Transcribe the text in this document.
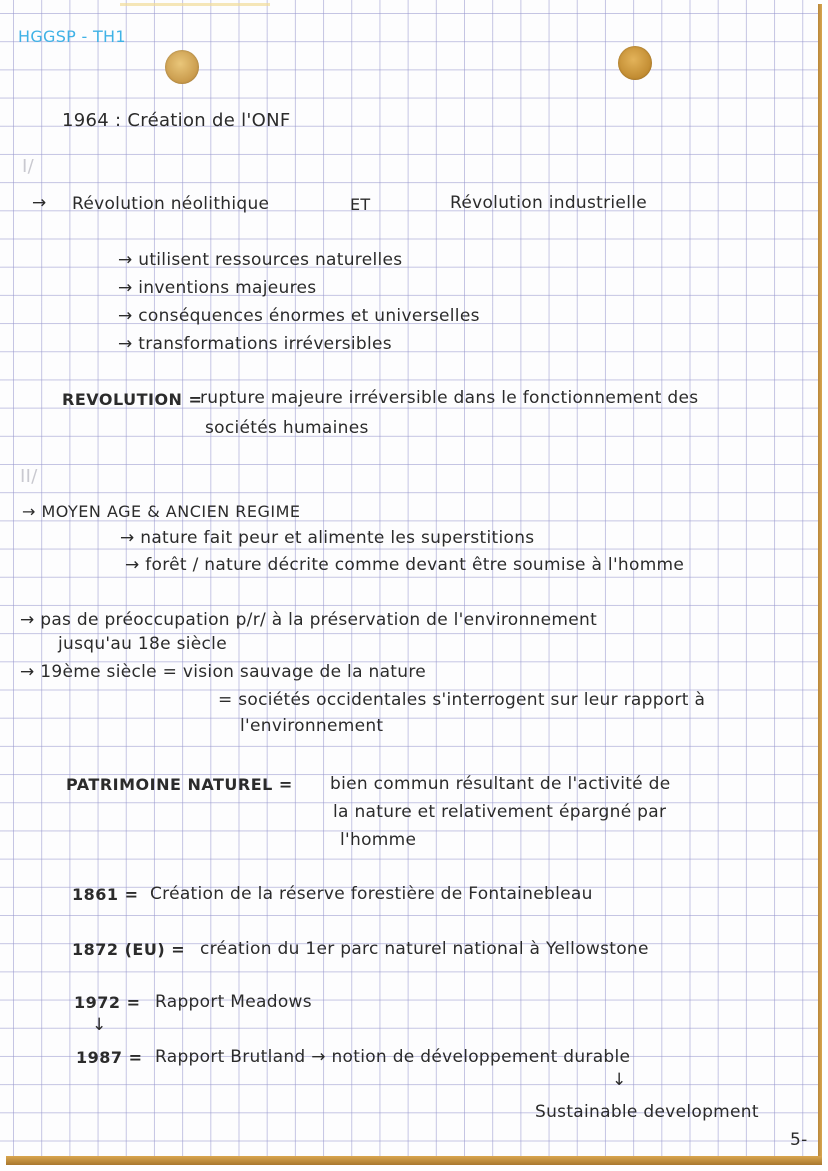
HGGSP - TH1
1964 : Création de l'ONF
I/
→ Révolution néolithique	ET	Révolution industrielle
→ utilisent ressources naturelles
→ inventions majeures
→ conséquences énormes et universelles
→ transformations irréversibles
REVOLUTION =
rupture majeure irréversible dans le fonctionnement des
sociétés humaines
II/
→ MOYEN AGE & ANCIEN REGIME
→ nature fait peur et alimente les superstitions
→ forêt / nature décrite comme devant être soumise à l'homme
→ pas de préoccupation p/r/ à la préservation de l'environnement
jusqu'au 18e siècle
→ 19ème siècle = vision sauvage de la nature
= sociétés occidentales s'interrogent sur leur rapport à
l'environnement
PATRIMOINE NATUREL = bien commun résultant de l'activité de
la nature et relativement épargné par
l'homme
1861 = Création de la réserve forestière de Fontainebleau
1872 (EU) = création du 1er parc naturel national à Yellowstone
1972 = Rapport Meadows
↓
1987 = Rapport Brutland → notion de développement durable
↓
Sustainable development
5-
